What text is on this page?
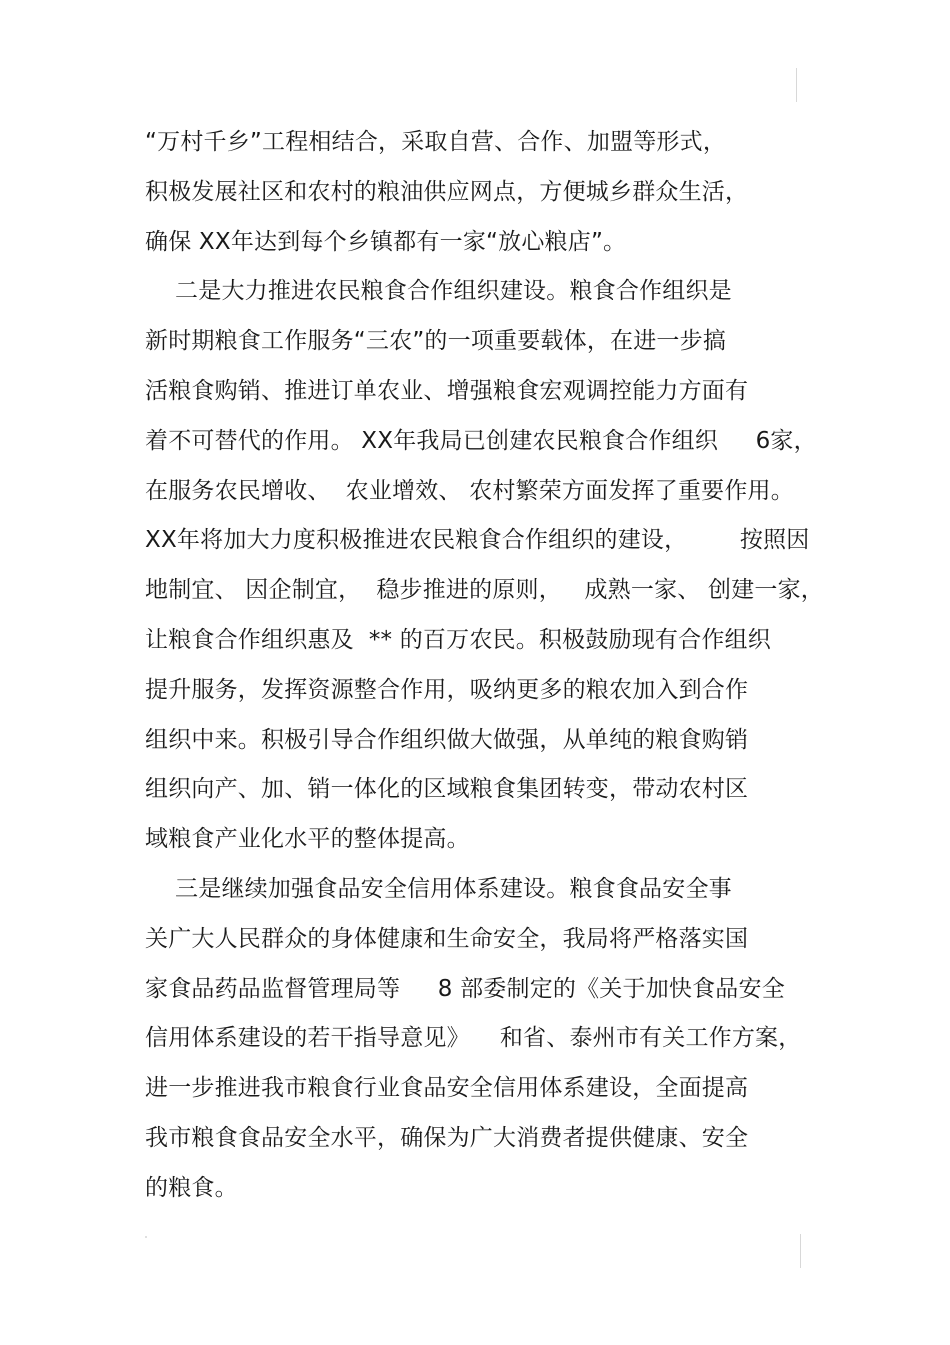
“万村千乡”工程相结合，采取自营、合作、加盟等形式，
积极发展社区和农村的粮油供应网点，方便城乡群众生活，
确保 XX年达到每个乡镇都有一家“放心粮店”。
二是大力推进农民粮食合作组织建设。粮食合作组织是
新时期粮食工作服务“三农”的一项重要载体，在进一步搞
活粮食购销、推进订单农业、增强粮食宏观调控能力方面有
着不可替代的作用。 XX年我局已创建农民粮食合作组织     6家，
在服务农民增收、  农业增效、 农村繁荣方面发挥了重要作用。
XX年将加大力度积极推进农民粮食合作组织的建设，       按照因
地制宜、 因企制宜，  稳步推进的原则，   成熟一家、 创建一家，
让粮食合作组织惠及  ** 的百万农民。积极鼓励现有合作组织
提升服务，发挥资源整合作用，吸纳更多的粮农加入到合作
组织中来。积极引导合作组织做大做强，从单纯的粮食购销
组织向产、加、销一体化的区域粮食集团转变，带动农村区
域粮食产业化水平的整体提高。
三是继续加强食品安全信用体系建设。粮食食品安全事
关广大人民群众的身体健康和生命安全，我局将严格落实国
家食品药品监督管理局等     8 部委制定的《关于加快食品安全
信用体系建设的若干指导意见》    和省、泰州市有关工作方案，
进一步推进我市粮食行业食品安全信用体系建设，全面提高
我市粮食食品安全水平，确保为广大消费者提供健康、安全
的粮食。
